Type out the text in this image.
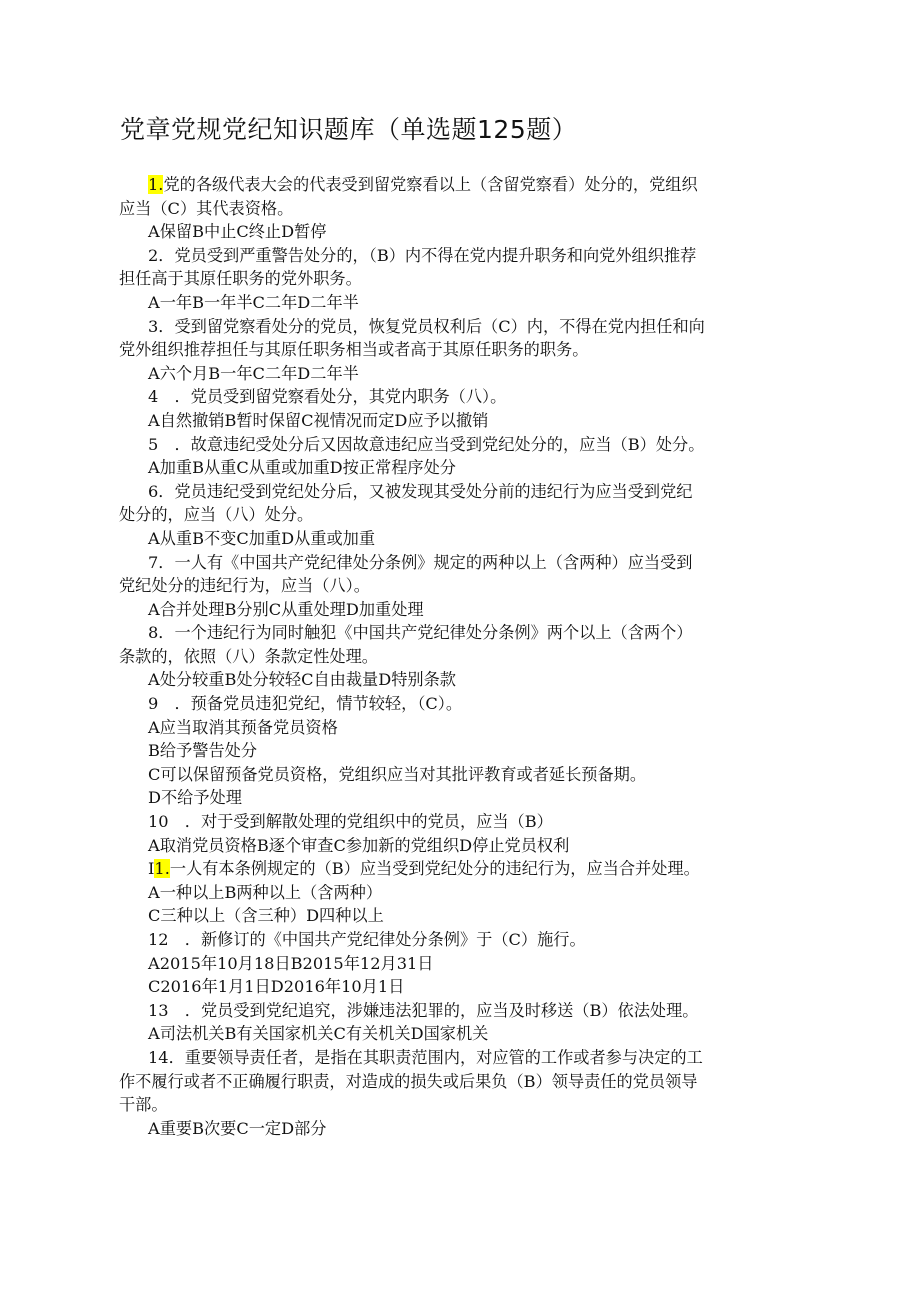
党章党规党纪知识题库（单选题125题）
1.党的各级代表大会的代表受到留党察看以上（含留党察看）处分的，党组织
应当（C）其代表资格。
A保留B中止C终止D暂停
2．党员受到严重警告处分的，（B）内不得在党内提升职务和向党外组织推荐
担任高于其原任职务的党外职务。
A一年B一年半C二年D二年半
3．受到留党察看处分的党员，恢复党员权利后（C）内，不得在党内担任和向
党外组织推荐担任与其原任职务相当或者高于其原任职务的职务。
A六个月B一年C二年D二年半
4　．党员受到留党察看处分，其党内职务（八）。
A自然撤销B暂时保留C视情况而定D应予以撤销
5　．故意违纪受处分后又因故意违纪应当受到党纪处分的，应当（B）处分。
A加重B从重C从重或加重D按正常程序处分
6．党员违纪受到党纪处分后，又被发现其受处分前的违纪行为应当受到党纪
处分的，应当（八）处分。
A从重B不变C加重D从重或加重
7．一人有《中国共产党纪律处分条例》规定的两种以上（含两种）应当受到
党纪处分的违纪行为，应当（八）。
A合并处理B分别C从重处理D加重处理
8．一个违纪行为同时触犯《中国共产党纪律处分条例》两个以上（含两个）
条款的，依照（八）条款定性处理。
A处分较重B处分较轻C自由裁量D特别条款
9　．预备党员违犯党纪，情节较轻，（C）。
A应当取消其预备党员资格
B给予警告处分
C可以保留预备党员资格，党组织应当对其批评教育或者延长预备期。
D不给予处理
10　．对于受到解散处理的党组织中的党员，应当（B）
A取消党员资格B逐个审查C参加新的党组织D停止党员权利
I1.一人有本条例规定的（B）应当受到党纪处分的违纪行为，应当合并处理。
A一种以上B两种以上（含两种）
C三种以上（含三种）D四种以上
12　．新修订的《中国共产党纪律处分条例》于（C）施行。
A2015年10月18日B2015年12月31日
C2016年1月1日D2016年10月1日
13　．党员受到党纪追究，涉嫌违法犯罪的，应当及时移送（B）依法处理。
A司法机关B有关国家机关C有关机关D国家机关
14．重要领导责任者，是指在其职责范围内，对应管的工作或者参与决定的工
作不履行或者不正确履行职责，对造成的损失或后果负（B）领导责任的党员领导
干部。
A重要B次要C一定D部分
